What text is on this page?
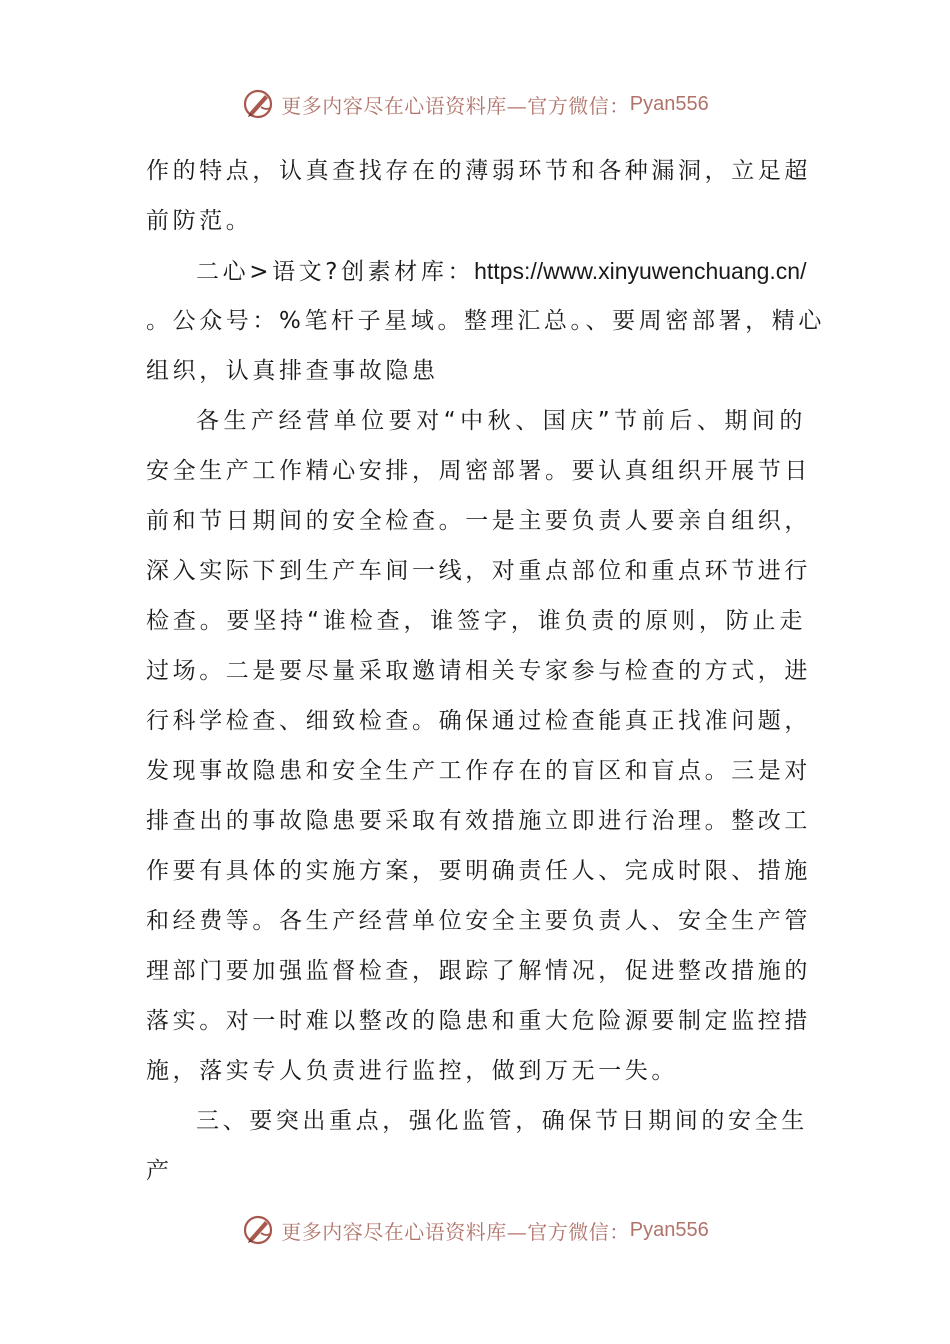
更多内容尽在心语资料库—官方微信： Pyan556
作的特点，认真查找存在的薄弱环节和各种漏洞，立足超
前防范。
二心>语文?创素材库：https://www.xinyuwenchuang.cn/
。公众号：%笔杆子星域。整理汇总。、要周密部署，精心
组织，认真排查事故隐患
各生产经营单位要对“中秋、国庆”节前后、期间的
安全生产工作精心安排，周密部署。要认真组织开展节日
前和节日期间的安全检查。一是主要负责人要亲自组织，
深入实际下到生产车间一线，对重点部位和重点环节进行
检查。要坚持“谁检查，谁签字，谁负责的原则，防止走
过场。二是要尽量采取邀请相关专家参与检查的方式，进
行科学检查、细致检查。确保通过检查能真正找准问题，
发现事故隐患和安全生产工作存在的盲区和盲点。三是对
排查出的事故隐患要采取有效措施立即进行治理。整改工
作要有具体的实施方案，要明确责任人、完成时限、措施
和经费等。各生产经营单位安全主要负责人、安全生产管
理部门要加强监督检查，跟踪了解情况，促进整改措施的
落实。对一时难以整改的隐患和重大危险源要制定监控措
施，落实专人负责进行监控，做到万无一失。
三、要突出重点，强化监管，确保节日期间的安全生
产
更多内容尽在心语资料库—官方微信： Pyan556
